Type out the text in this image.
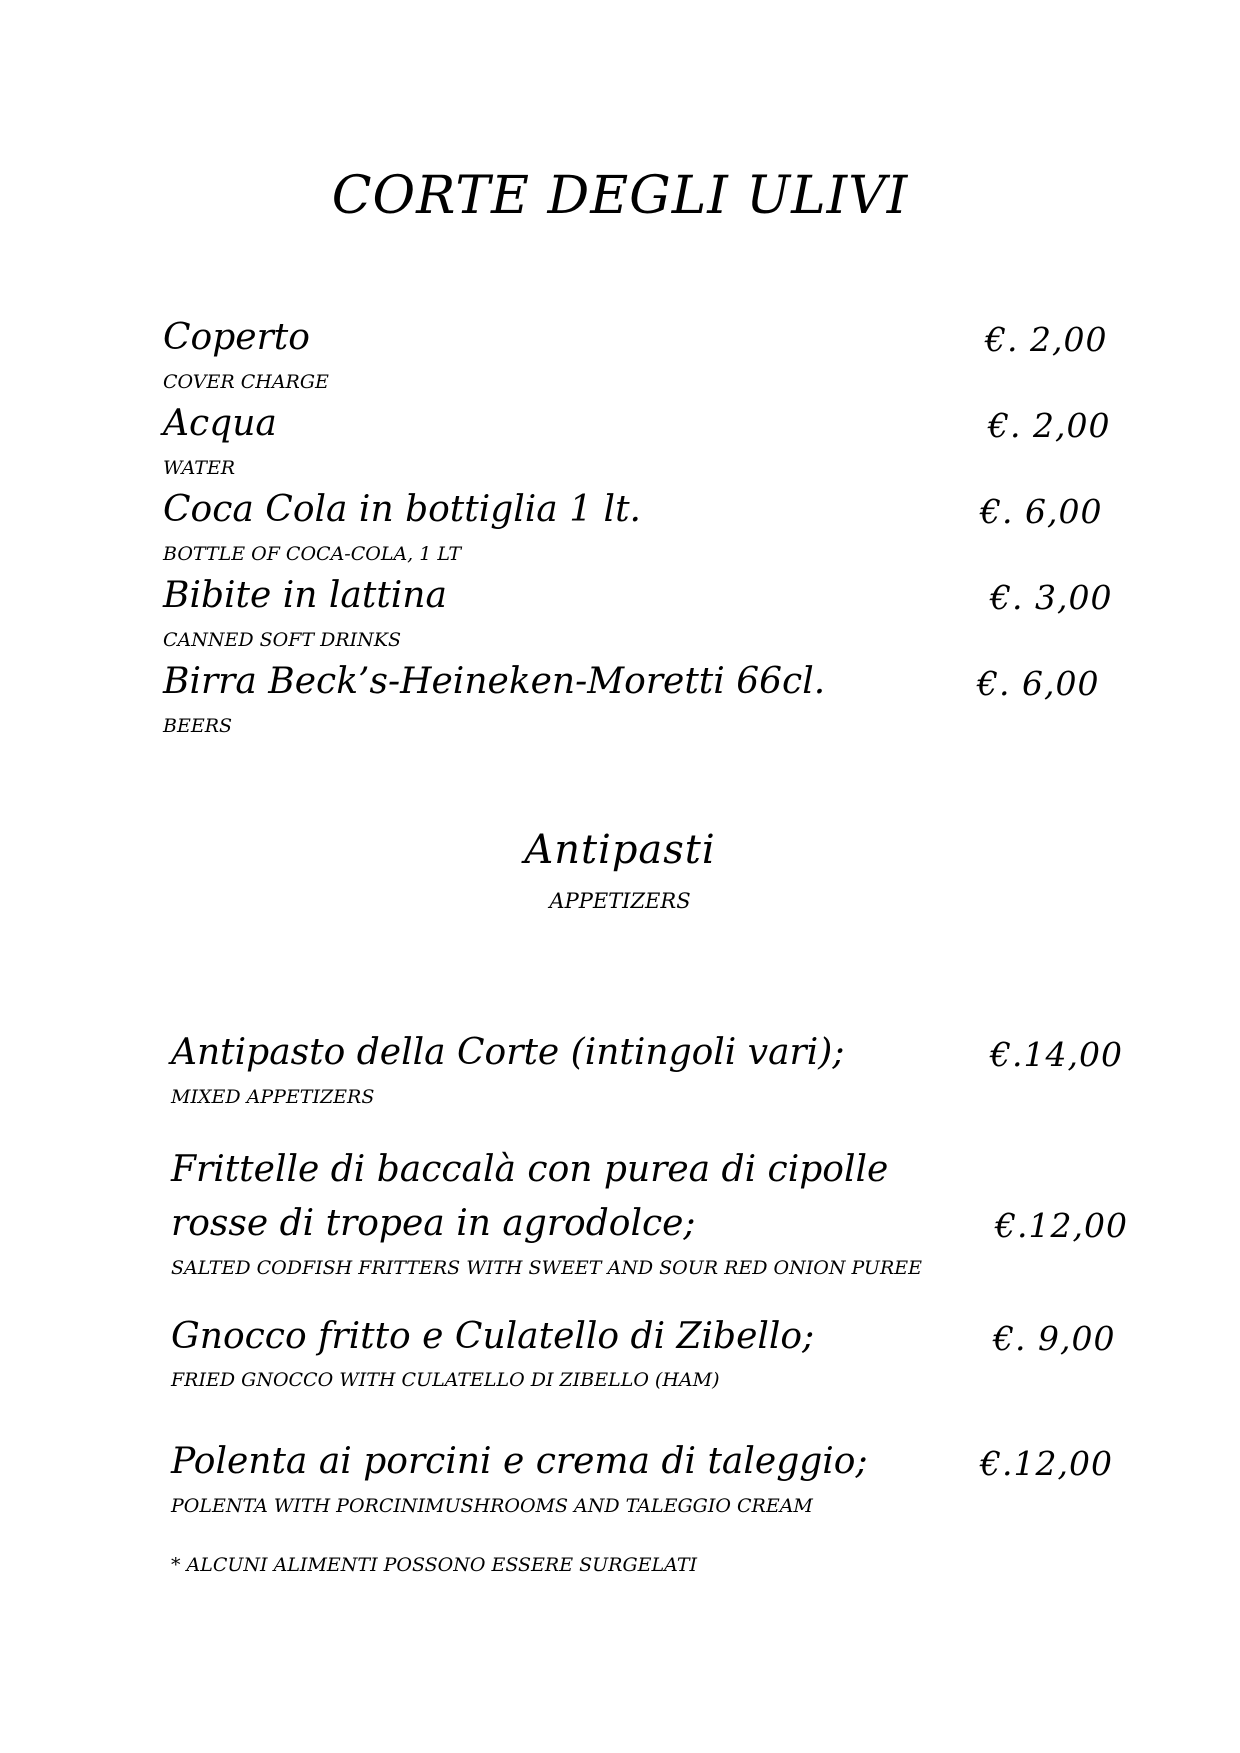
CORTE DEGLI ULIVI
Coperto	€. 2,00
COVER CHARGE
Acqua	€. 2,00
WATER
Coca Cola in bottiglia 1 lt.	€. 6,00
BOTTLE OF COCA-COLA, 1 LT
Bibite in lattina	€. 3,00
CANNED SOFT DRINKS
Birra Beck’s-Heineken-Moretti 66cl.	€. 6,00
BEERS
Antipasti
APPETIZERS
Antipasto della Corte (intingoli vari);	€.14,00
MIXED APPETIZERS
Frittelle di baccalà con purea di cipolle
rosse di tropea in agrodolce;	€.12,00
SALTED CODFISH FRITTERS WITH SWEET AND SOUR RED ONION PUREE
Gnocco fritto e Culatello di Zibello;	€. 9,00
FRIED GNOCCO WITH CULATELLO DI ZIBELLO (HAM)
Polenta ai porcini e crema di taleggio;	€.12,00
POLENTA WITH PORCINIMUSHROOMS AND TALEGGIO CREAM
* ALCUNI ALIMENTI POSSONO ESSERE SURGELATI
